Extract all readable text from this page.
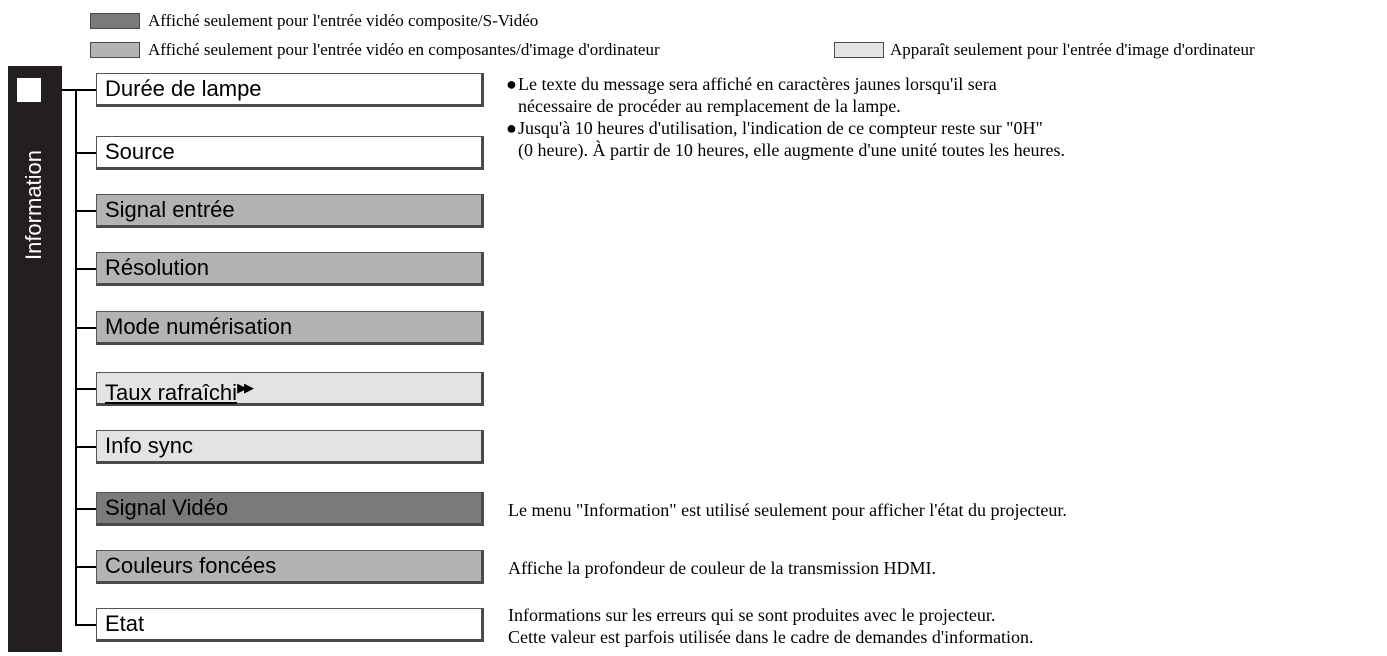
Affiché seulement pour l'entrée vidéo composite/S-Vidéo
Affiché seulement pour l'entrée vidéo en composantes/d'image d'ordinateur	Apparaît seulement pour l'entrée d'image d'ordinateur
Information
Durée de lampe
Source
Signal entrée
Résolution
Mode numérisation
Taux rafraîchi▶▶
Info sync
Signal Vidéo
Couleurs foncées
Etat
●Le texte du message sera affiché en caractères jaunes lorsqu'il sera
nécessaire de procéder au remplacement de la lampe.
●Jusqu'à 10 heures d'utilisation, l'indication de ce compteur reste sur "0H"
(0 heure). À partir de 10 heures, elle augmente d'une unité toutes les heures.
Le menu "Information" est utilisé seulement pour afficher l'état du projecteur.
Affiche la profondeur de couleur de la transmission HDMI.
Informations sur les erreurs qui se sont produites avec le projecteur.
Cette valeur est parfois utilisée dans le cadre de demandes d'information.
